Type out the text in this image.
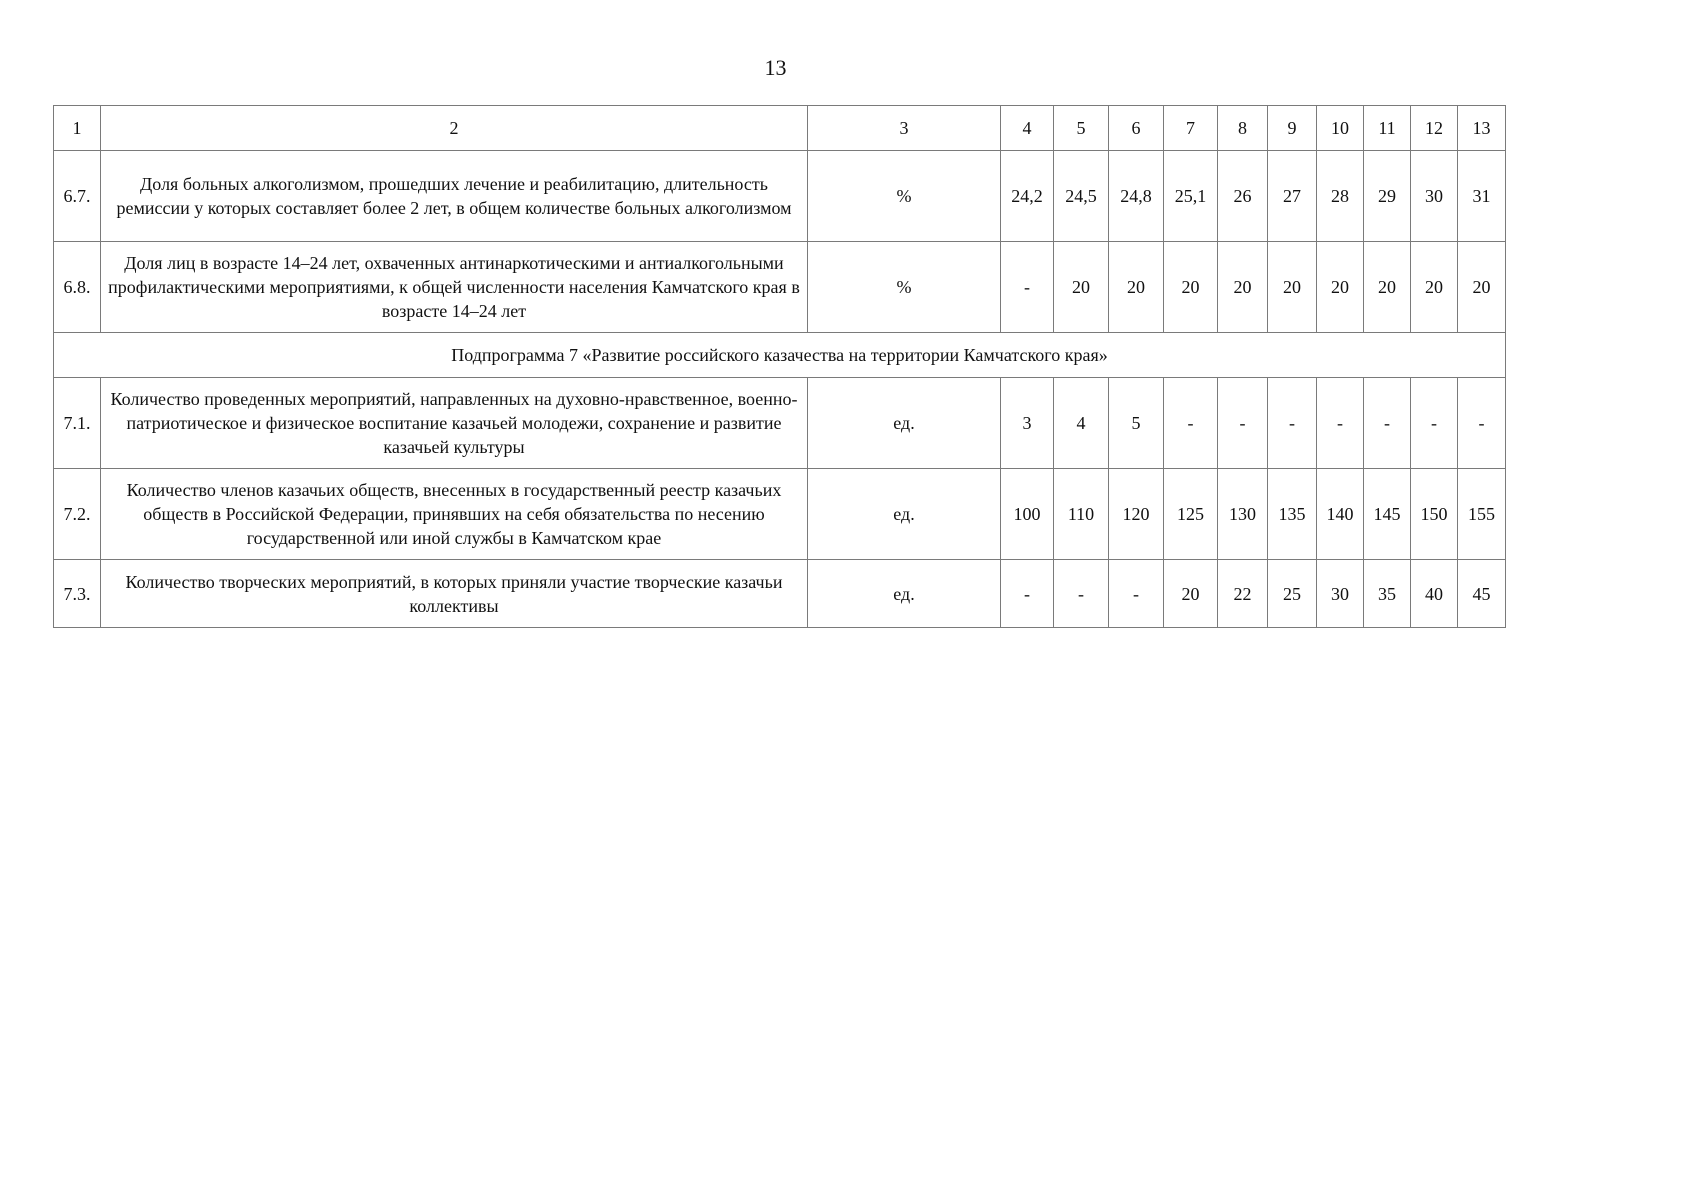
13
1	2	3	4	5	6	7	8	9	10	11	12	13
6.7.	Доля больных алкоголизмом, прошедших лечение и реабилитацию, длительность ремиссии у которых составляет более 2 лет, в общем количестве больных алкоголизмом	%	24,2	24,5	24,8	25,1	26	27	28	29	30	31
6.8.	Доля лиц в возрасте 14–24 лет, охваченных антинаркотическими и антиалкогольными профилактическими мероприятиями, к общей численности населения Камчатского края в возрасте 14–24 лет	%	-	20	20	20	20	20	20	20	20	20
Подпрограмма 7 «Развитие российского казачества на территории Камчатского края»												
7.1.	Количество проведенных мероприятий, направленных на духовно-нравственное, военно-патриотическое и физическое воспитание казачьей молодежи, сохранение и развитие казачьей культуры	ед.	3	4	5	-	-	-	-	-	-	-
7.2.	Количество членов казачьих обществ, внесенных в государственный реестр казачьих обществ в Российской Федерации, принявших на себя обязательства по несению государственной или иной службы в Камчатском крае	ед.	100	110	120	125	130	135	140	145	150	155
7.3.	Количество творческих мероприятий, в которых приняли участие творческие казачьи коллективы	ед.	-	-	-	20	22	25	30	35	40	45
